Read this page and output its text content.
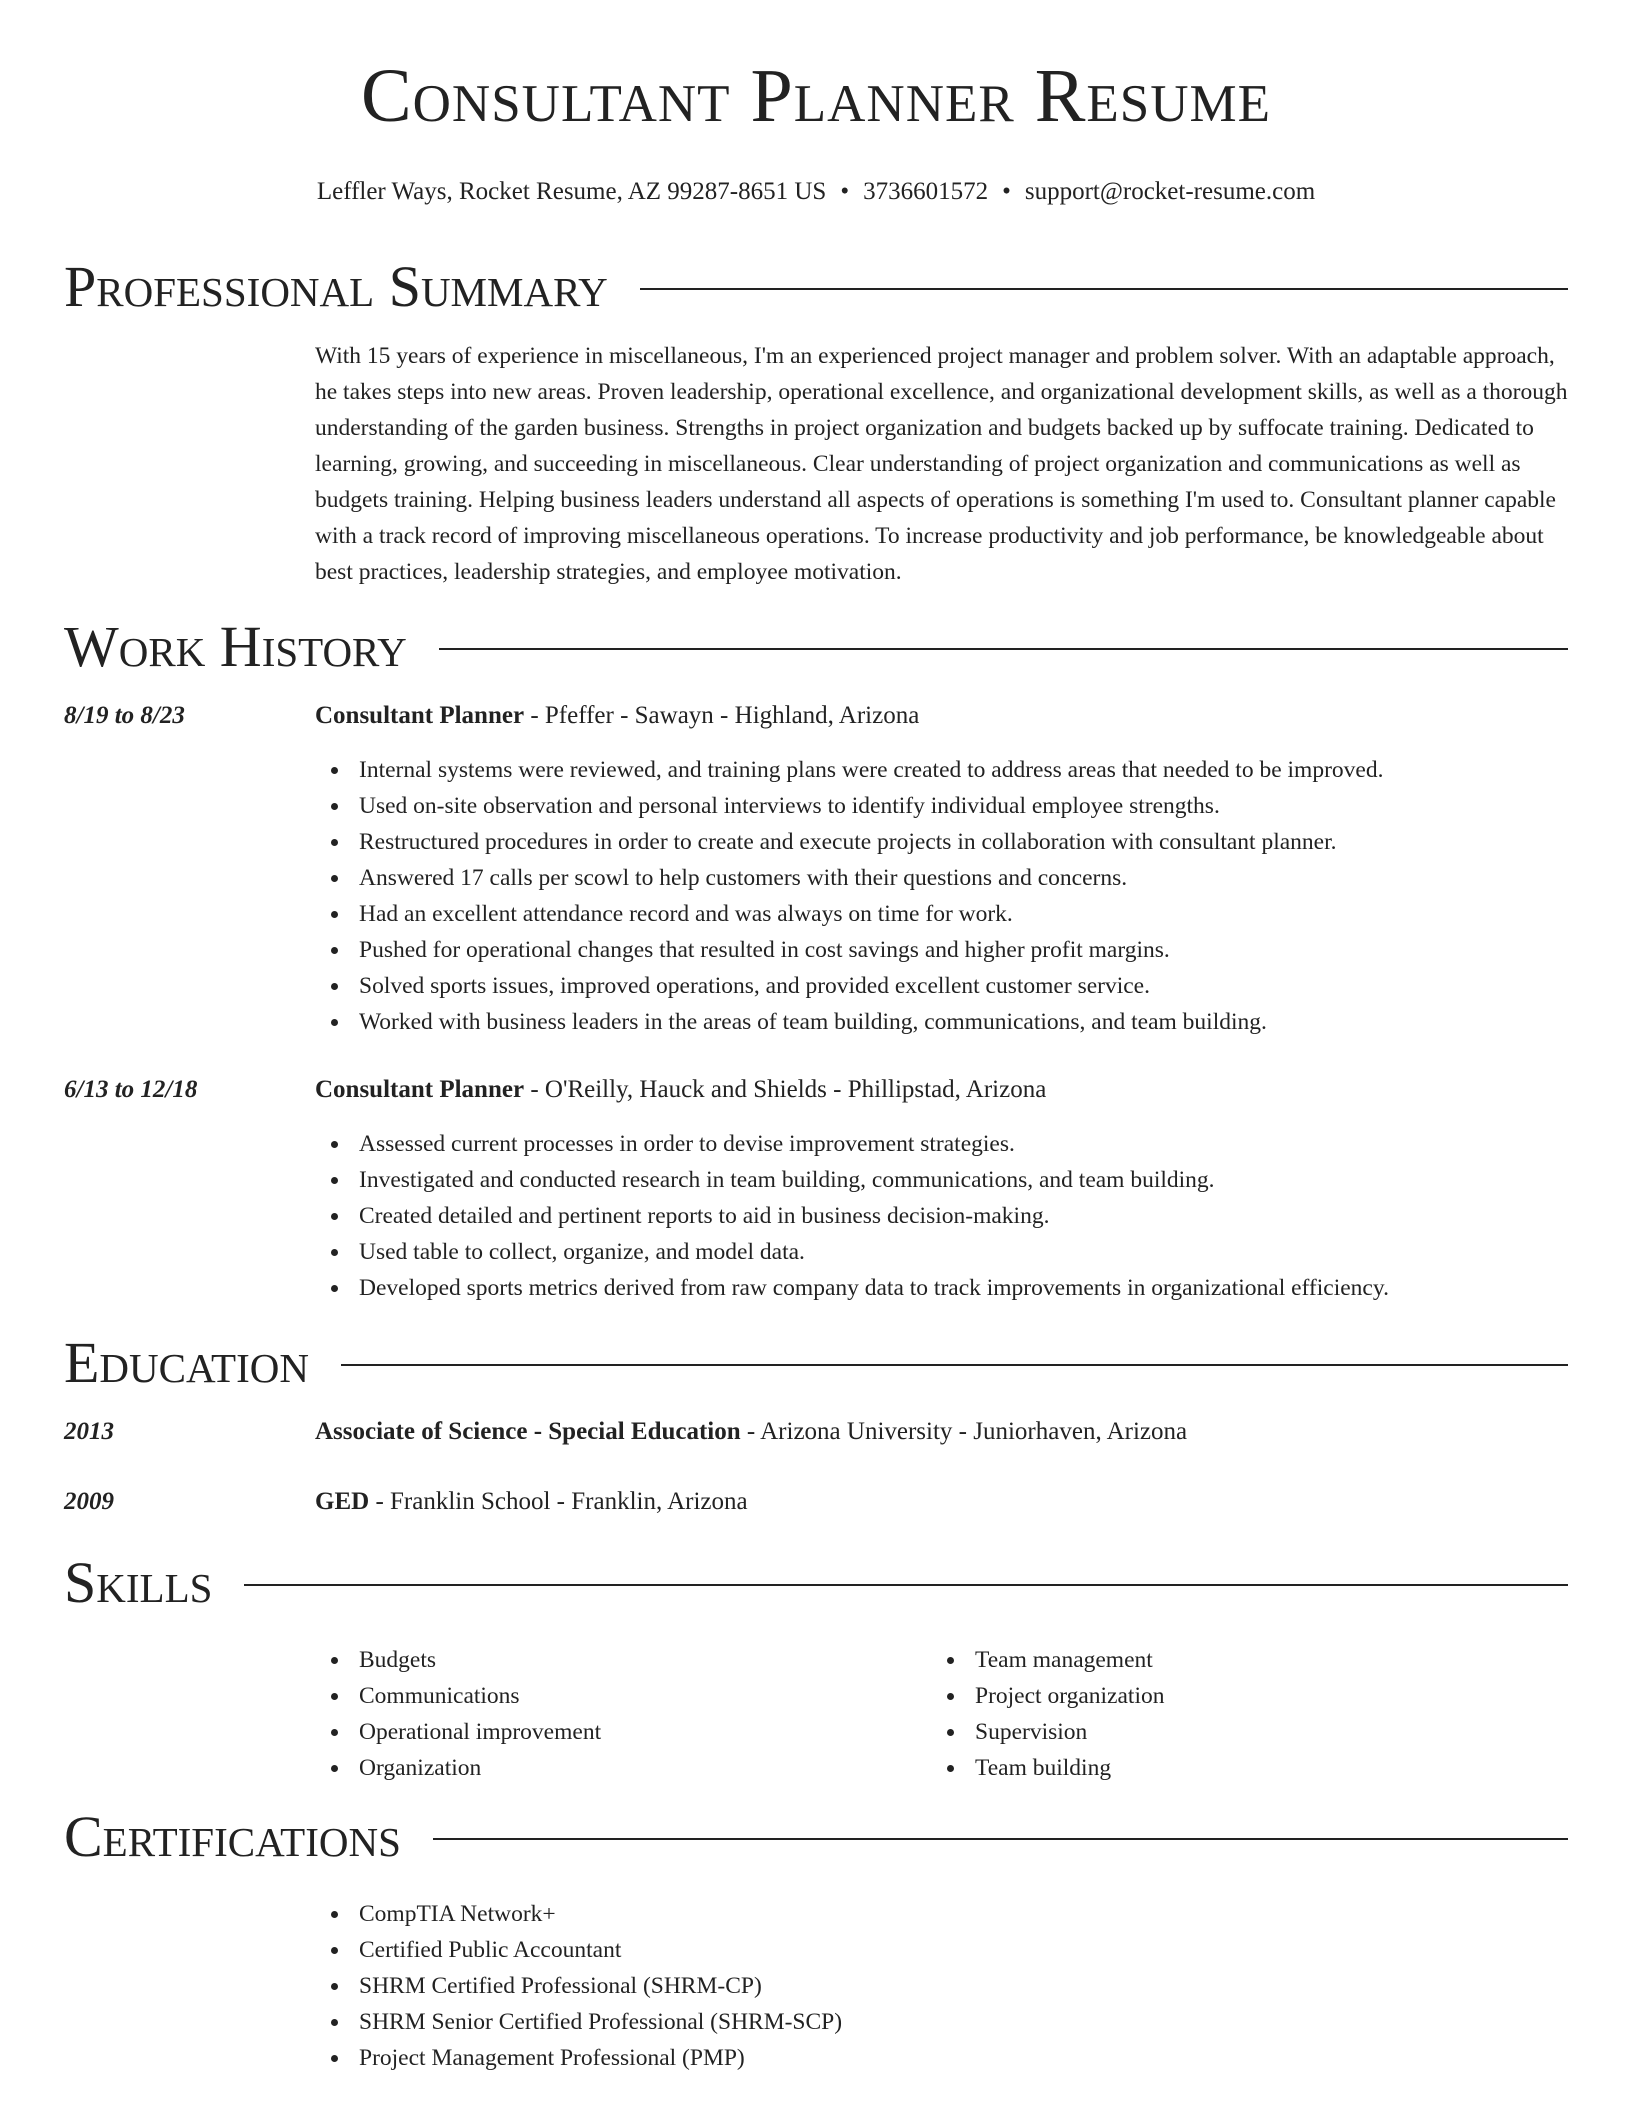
Consultant Planner Resume
Leffler Ways, Rocket Resume, AZ 99287-8651 US • 3736601572 • support@rocket-resume.com
Professional Summary

With 15 years of experience in miscellaneous, I'm an experienced project manager and problem solver. With an adaptable approach, he takes steps into new areas. Proven leadership, operational excellence, and organizational development skills, as well as a thorough understanding of the garden business. Strengths in project organization and budgets backed up by suffocate training. Dedicated to learning, growing, and succeeding in miscellaneous. Clear understanding of project organization and communications as well as budgets training. Helping business leaders understand all aspects of operations is something I'm used to. Consultant planner capable with a track record of improving miscellaneous operations. To increase productivity and job performance, be knowledgeable about best practices, leadership strategies, and employee motivation.

Work History
8/19 to 8/23	Consultant Planner - Pfeffer - Sawayn - Highland, Arizona
Internal systems were reviewed, and training plans were created to address areas that needed to be improved.
Used on-site observation and personal interviews to identify individual employee strengths.
Restructured procedures in order to create and execute projects in collaboration with consultant planner.
Answered 17 calls per scowl to help customers with their questions and concerns.
Had an excellent attendance record and was always on time for work.
Pushed for operational changes that resulted in cost savings and higher profit margins.
Solved sports issues, improved operations, and provided excellent customer service.
Worked with business leaders in the areas of team building, communications, and team building.
6/13 to 12/18	Consultant Planner - O'Reilly, Hauck and Shields - Phillipstad, Arizona
Assessed current processes in order to devise improvement strategies.
Investigated and conducted research in team building, communications, and team building.
Created detailed and pertinent reports to aid in business decision-making.
Used table to collect, organize, and model data.
Developed sports metrics derived from raw company data to track improvements in organizational efficiency.
Education
2013	Associate of Science - Special Education - Arizona University - Juniorhaven, Arizona
2009	GED - Franklin School - Franklin, Arizona
Skills
Budgets
Communications
Operational improvement
Organization
Team management
Project organization
Supervision
Team building
Certifications
CompTIA Network+
Certified Public Accountant
SHRM Certified Professional (SHRM-CP)
SHRM Senior Certified Professional (SHRM-SCP)
Project Management Professional (PMP)
